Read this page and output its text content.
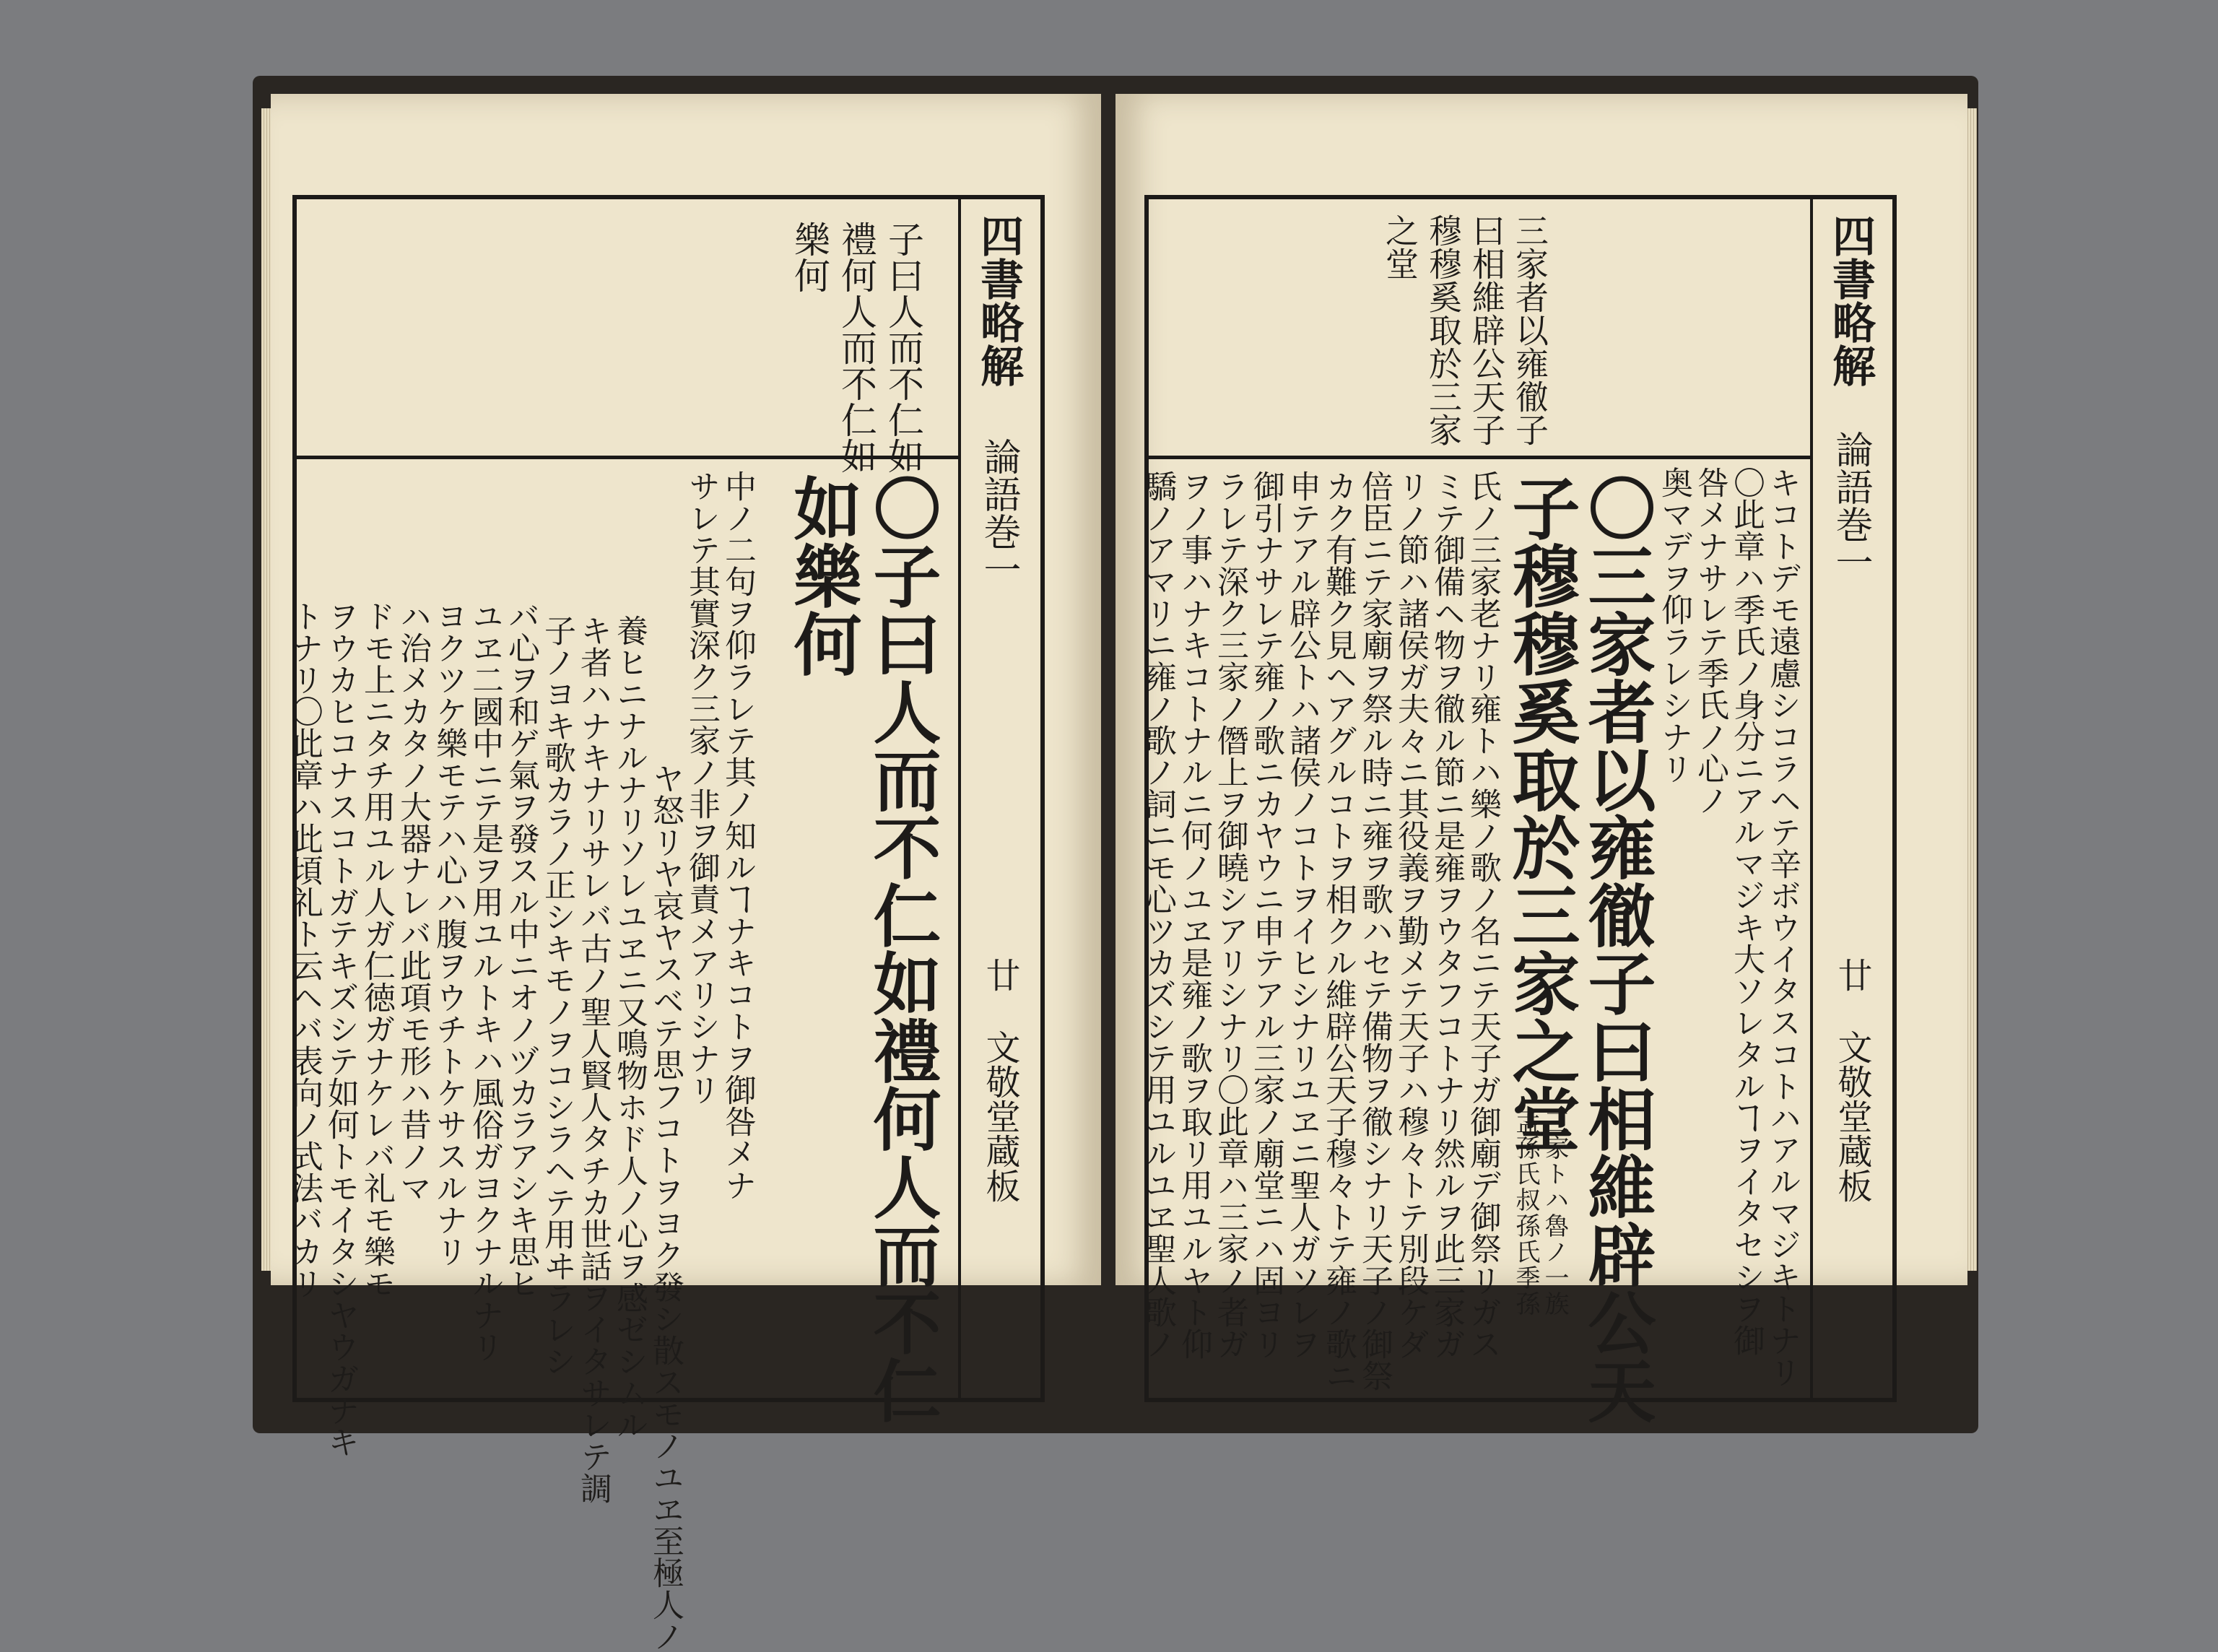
四書略解
論語巻一
廿
文敬堂蔵板
子曰人而不仁如
禮何人而不仁如
樂何
〇子曰人而不仁如禮何人而不仁
如樂何
中ノ二句ヲ仰ラレテ其ノ知ルヿナキコトヲ御咎メナ
サレテ其實深ク三家ノ非ヲ御責メアリシナリ
ヤ怒リヤ哀ヤスベテ思フコトヲヨク發シ散スモノユヱ至極人ノ
養ヒニナルナリソレユヱニ又鳴物ホド人ノ心ヲ感ゼシムル
キ者ハナキナリサレバ古ノ聖人賢人タチカ世話ヲイタサレテ調
子ノヨキ歌カラノ正シキモノヲコシラヘテ用ヰラレシ
バ心ヲ和ゲ氣ヲ發スル中ニオノヅカラアシキ思ヒ
ユヱ二國中ニテ是ヲ用ユルトキハ風俗ガヨクナルナリ
ヨクツケ樂モテハ心ハ腹ヲウチトケサスルナリ
ハ治メカタノ大器ナレバ此項モ形ハ昔ノマ
ドモ上ニタチ用ユル人ガ仁徳ガナケレバ礼モ樂モ
ヲウカヒコナスコトガテキズシテ如何トモイタシヤウガナキ
トナリ〇此章ハ此頃礼ト云ヘバ表向ノ式法バカリ
四書略解
論語巻一
廿
文敬堂蔵板
キコトデモ遠慮シコラヘテ辛ボウイタスコトハアルマジキトナリ
〇此章ハ季氏ノ身分ニアルマジキ大ソレタルヿヲイタセシヲ御
咎メナサレテ季氏ノ心ノ
奥マデヲ仰ラレシナリ
三家者以雍徹子
曰相維辟公天子
穆穆奚取於三家
之堂
〇三家者以雍徹子曰相維辟公天
子穆穆奚取於三家之堂
三家トハ魯ノ一族
孟孫氏叔孫氏季孫
氏ノ三家老ナリ雍トハ樂ノ歌ノ名ニテ天子ガ御廟デ御祭リガス
ミテ御備ヘ物ヲ徹ル節ニ是雍ヲウタフコトナリ然ルヲ此三家ガ
リノ節ハ諸侯ガ夫々ニ其役義ヲ勤メテ天子ハ穆々トテ別段ケダ
倍臣ニテ家廟ヲ祭ル時ニ雍ヲ歌ハセテ備物ヲ徹シナリ天子ノ御祭
カク有難ク見ヘアグルコトヲ相クル維辟公天子穆々トテ雍ノ歌ニ
申テアル辟公トハ諸侯ノコトヲイヒシナリユヱニ聖人ガソレヲ
御引ナサレテ雍ノ歌ニカヤウニ申テアル三家ノ廟堂ニハ固ヨリ
ラレテ深ク三家ノ僭上ヲ御曉シアリシナリ〇此章ハ三家ノ者ガ
ヲノ事ハナキコトナルニ何ノユヱ是雍ノ歌ヲ取リ用ユルヤト仰
驕ノアマリニ雍ノ歌ノ詞ニモ心ツカズシテ用ユルユヱ聖人歌ノ
